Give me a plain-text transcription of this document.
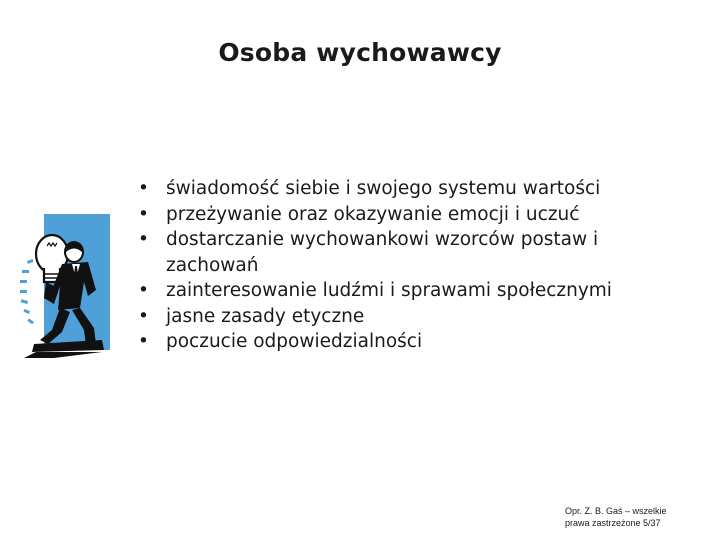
Osoba wychowawcy
• świadomość siebie i swojego systemu wartości
• przeżywanie oraz okazywanie emocji i uczuć
• dostarczanie wychowankowi wzorców postaw i zachowań
• zainteresowanie ludźmi i sprawami społecznymi
• jasne zasady etyczne
• poczucie odpowiedzialności
Opr. Z. B. Gaś – wszelkie
prawa zastrzeżone 5/37
